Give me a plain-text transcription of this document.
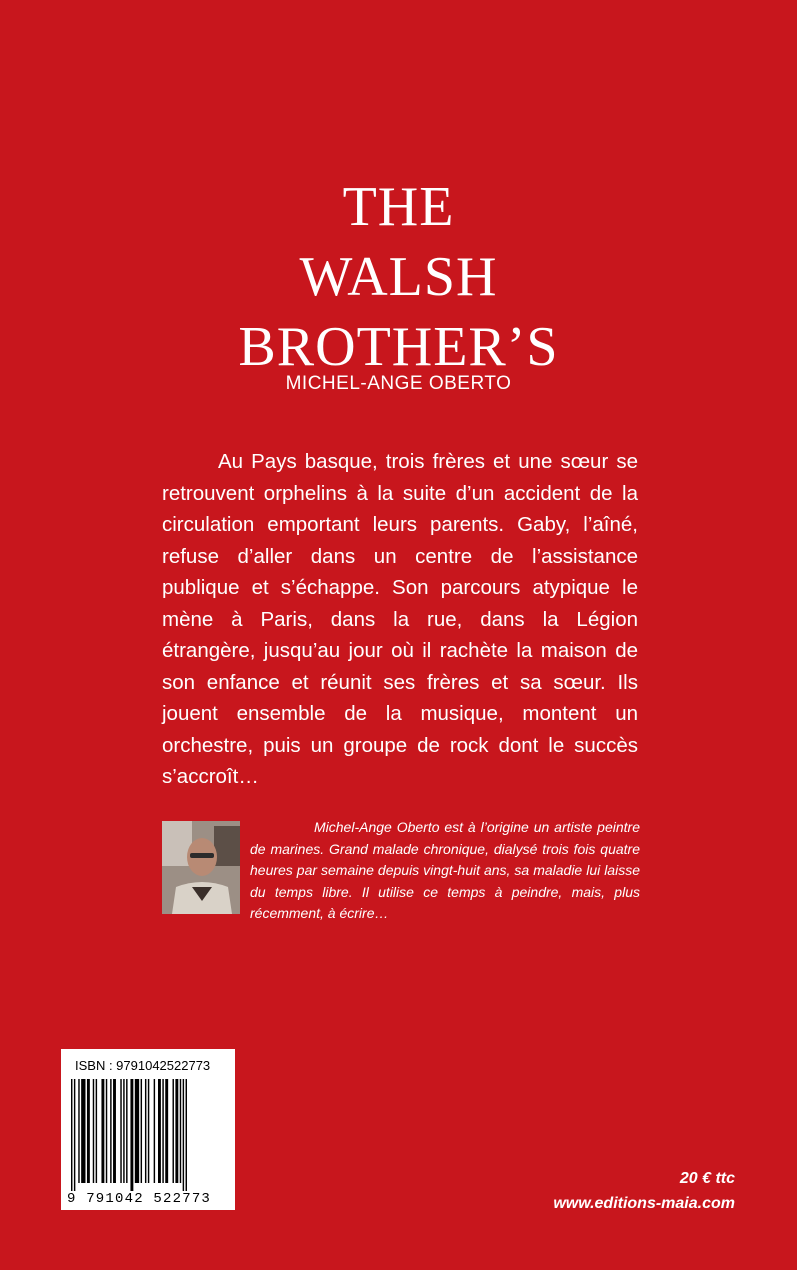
THE
WALSH
BROTHER’S
MICHEL-ANGE OBERTO

Au Pays basque, trois frères et une sœur se retrouvent orphelins à la suite d’un accident de la circulation emportant leurs parents. Gaby, l’aîné, refuse d’aller dans un centre de l’assistance publique et s’échappe. Son parcours atypique le mène à Paris, dans la rue, dans la Légion étrangère, jusqu’au jour où il rachète la maison de son enfance et réunit ses frères et sa sœur. Ils jouent ensemble de la musique, montent un orchestre, puis un groupe de rock dont le succès s’accroît…

Michel-Ange Oberto est à l’origine un artiste peintre de marines. Grand malade chronique, dialysé trois fois quatre heures par semaine depuis vingt-huit ans, sa maladie lui laisse du temps libre. Il utilise ce temps à peindre, mais, plus récemment, à écrire…

ISBN : 9791042522773
9 791042 522773
20 € ttc
www.editions-maia.com
